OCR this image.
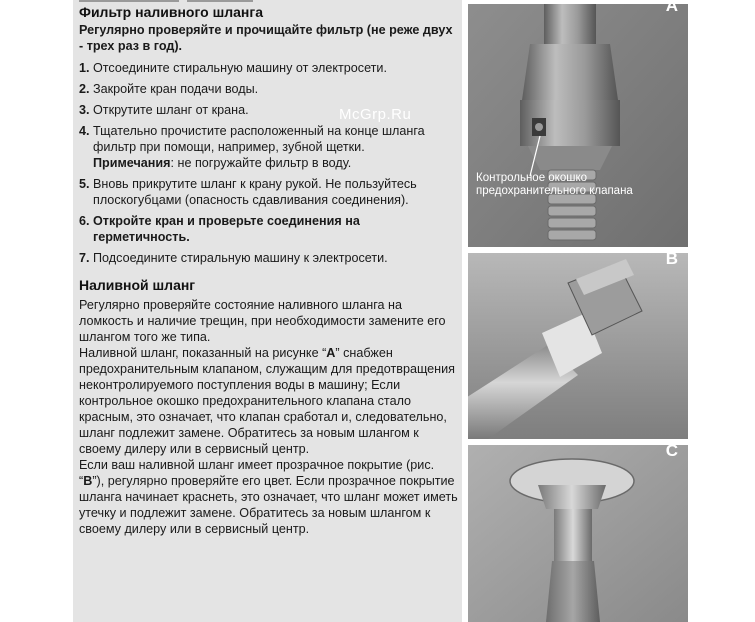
Фильтр наливного шланга

Регулярно проверяйте и прочищайте фильтр (не реже двух - трех раз в год).

1. Отсоедините стиральную машину от электросети.
2. Закройте кран подачи воды.
3. Открутите шланг от крана.
4. Тщательно прочистите расположенный на конце шланга фильтр при помощи, например, зубной щетки.
Примечания: не погружайте фильтр в воду.
5. Вновь прикрутите шланг к крану рукой. Не пользуйтесь плоскогубцами (опасность сдавливания соединения).
6. Откройте кран и проверьте соединения на герметичность.
7. Подсоедините стиральную машину к электросети.
Наливной шланг

Регулярно проверяйте состояние наливного шланга на ломкость и наличие трещин, при необходимости замените его шлангом того же типа.

Наливной шланг, показанный на рисунке “A” снабжен предохранительным клапаном, служащим для предотвращения неконтролируемого поступления воды в машину; Если контрольное окошко предохранительного клапана стало красным, это означает, что клапан сработал и, следовательно, шланг подлежит замене. Обратитесь за новым шлангом к своему дилеру или в сервисный центр.

Если ваш наливной шланг имеет прозрачное покрытие (рис. “B”), регулярно проверяйте его цвет. Если прозрачное покрытие шланга начинает краснеть, это означает, что шланг может иметь утечку и подлежит замене. Обратитесь за новым шлангом к своему дилеру или в сервисный центр.

McGrp.Ru
A
Контрольное окошко предохранительного клапана
B
C
